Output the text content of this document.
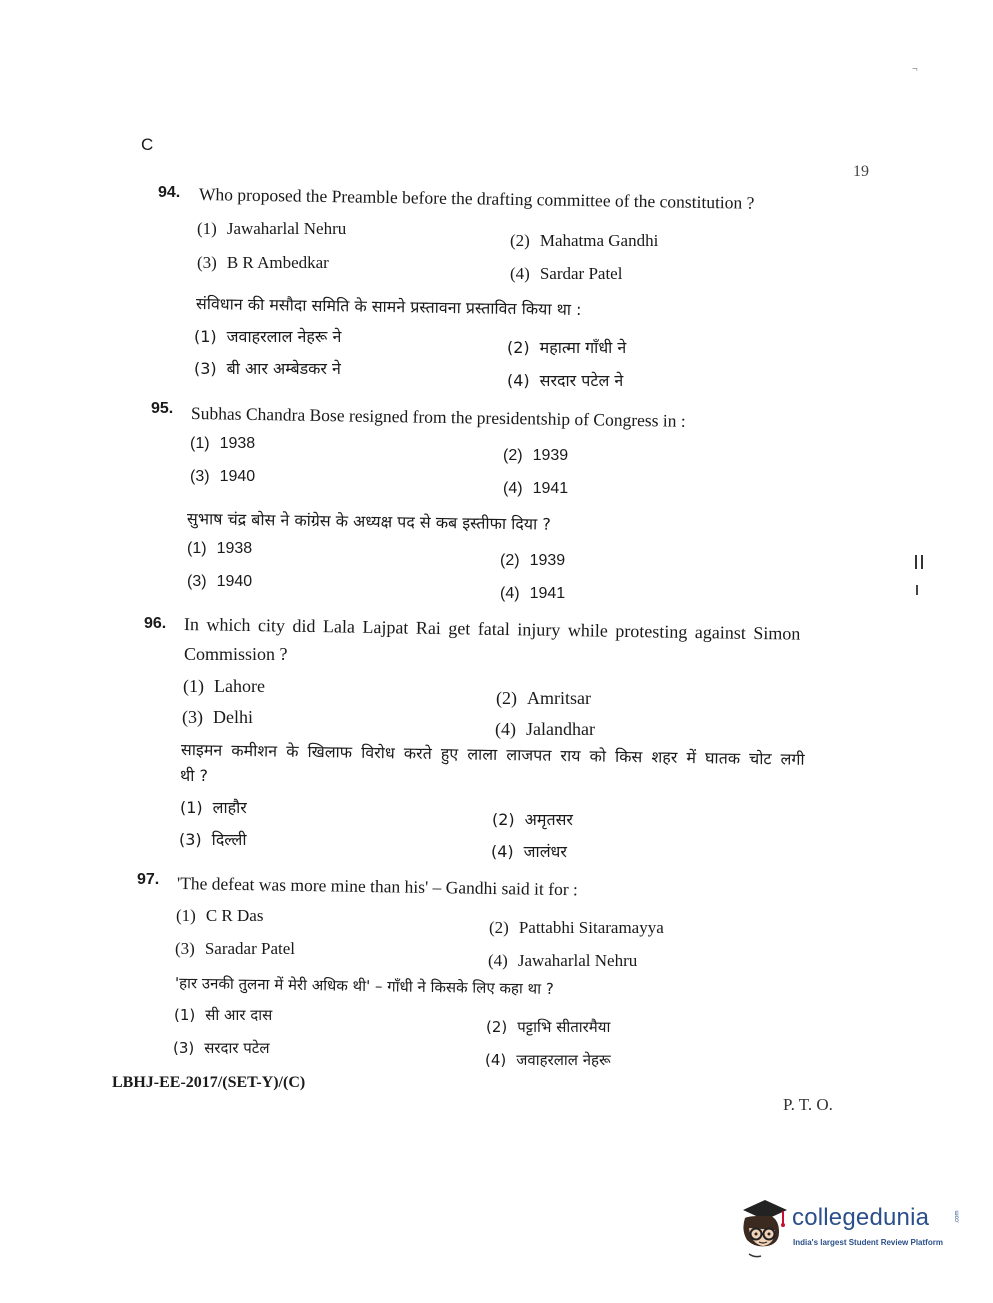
¬
C
19
94. Who proposed the Preamble before the drafting committee of the constitution ?
(1) Jawaharlal Nehru
(2) Mahatma Gandhi
(3) B R Ambedkar
(4) Sardar Patel
संविधान की मसौदा समिति के सामने प्रस्तावना प्रस्तावित किया था :
(1) जवाहरलाल नेहरू ने
(2) महात्मा गाँधी ने
(3) बी आर अम्बेडकर ने
(4) सरदार पटेल ने
95. Subhas Chandra Bose resigned from the presidentship of Congress in :
(1) 1938
(2) 1939
(3) 1940
(4) 1941
सुभाष चंद्र बोस ने कांग्रेस के अध्यक्ष पद से कब इस्तीफा दिया ?
(1) 1938
(2) 1939
(3) 1940
(4) 1941
96. In which city did Lala Lajpat Rai get fatal injury while protesting against Simon
Commission ?
(1) Lahore
(2) Amritsar
(3) Delhi
(4) Jalandhar
साइमन कमीशन के खिलाफ विरोध करते हुए लाला लाजपत राय को किस शहर में घातक चोट लगी
थी ?
(1) लाहौर
(2) अमृतसर
(3) दिल्ली
(4) जालंधर
97. 'The defeat was more mine than his' – Gandhi said it for :
(1) C R Das
(2) Pattabhi Sitaramayya
(3) Saradar Patel
(4) Jawaharlal Nehru
'हार उनकी तुलना में मेरी अधिक थी' – गाँधी ने किसके लिए कहा था ?
(1) सी आर दास
(2) पट्टाभि सीतारमैया
(3) सरदार पटेल
(4) जवाहरलाल नेहरू
LBHJ-EE-2017/(SET-Y)/(C)
P. T. O.
collegedunia	.com
India's largest Student Review Platform
